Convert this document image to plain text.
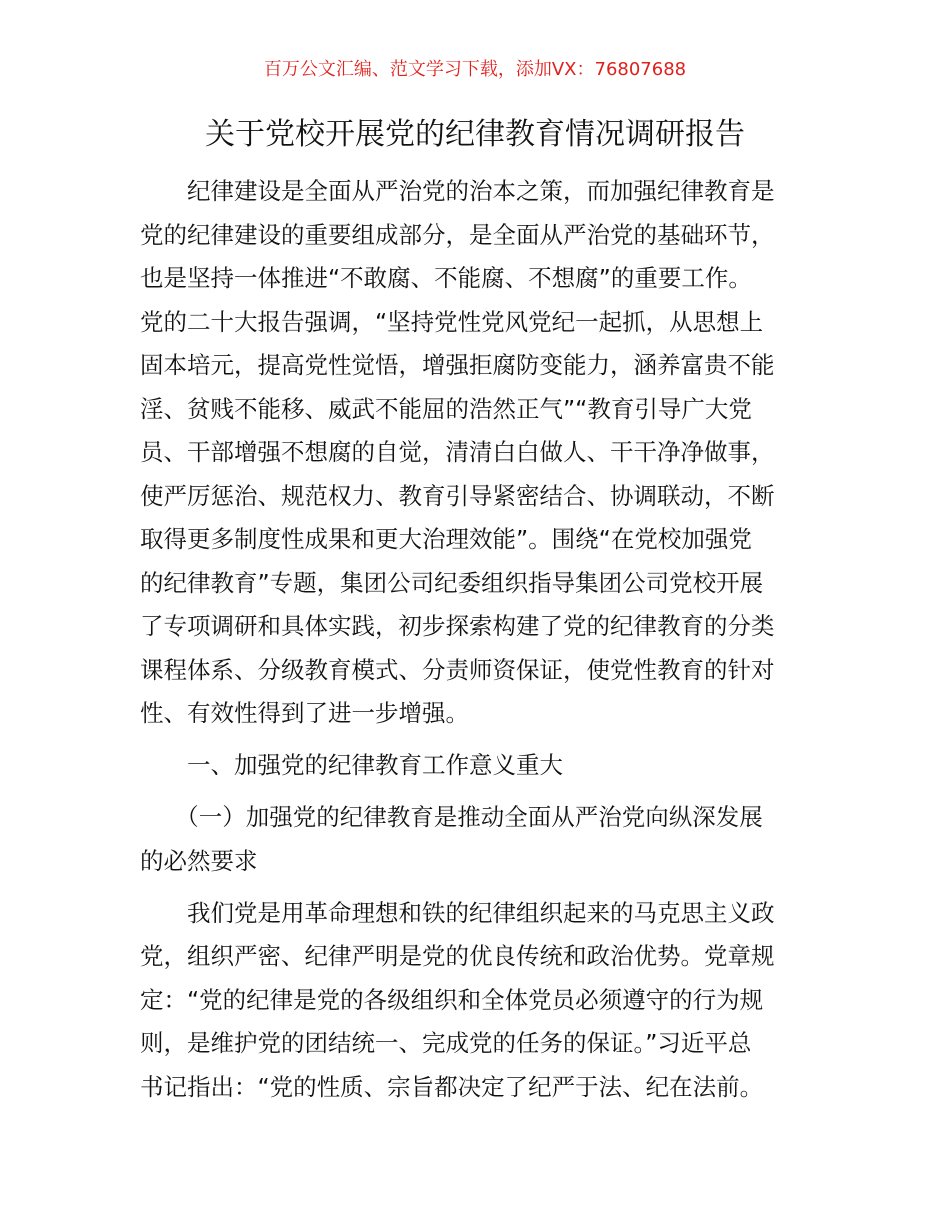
百万公文汇编、范文学习下载，添加VX：76807688
关于党校开展党的纪律教育情况调研报告
　　纪律建设是全面从严治党的治本之策，而加强纪律教育是
党的纪律建设的重要组成部分，是全面从严治党的基础环节，
也是坚持一体推进“不敢腐、不能腐、不想腐”的重要工作。
党的二十大报告强调，“坚持党性党风党纪一起抓，从思想上
固本培元，提高党性觉悟，增强拒腐防变能力，涵养富贵不能
淫、贫贱不能移、威武不能屈的浩然正气”“教育引导广大党
员、干部增强不想腐的自觉，清清白白做人、干干净净做事，
使严厉惩治、规范权力、教育引导紧密结合、协调联动，不断
取得更多制度性成果和更大治理效能”。围绕“在党校加强党
的纪律教育”专题，集团公司纪委组织指导集团公司党校开展
了专项调研和具体实践，初步探索构建了党的纪律教育的分类
课程体系、分级教育模式、分责师资保证，使党性教育的针对
性、有效性得到了进一步增强。
　　一、加强党的纪律教育工作意义重大
　　（一）加强党的纪律教育是推动全面从严治党向纵深发展
的必然要求
　　我们党是用革命理想和铁的纪律组织起来的马克思主义政
党，组织严密、纪律严明是党的优良传统和政治优势。党章规
定：“党的纪律是党的各级组织和全体党员必须遵守的行为规
则，是维护党的团结统一、完成党的任务的保证。”习近平总
书记指出：“党的性质、宗旨都决定了纪严于法、纪在法前。
